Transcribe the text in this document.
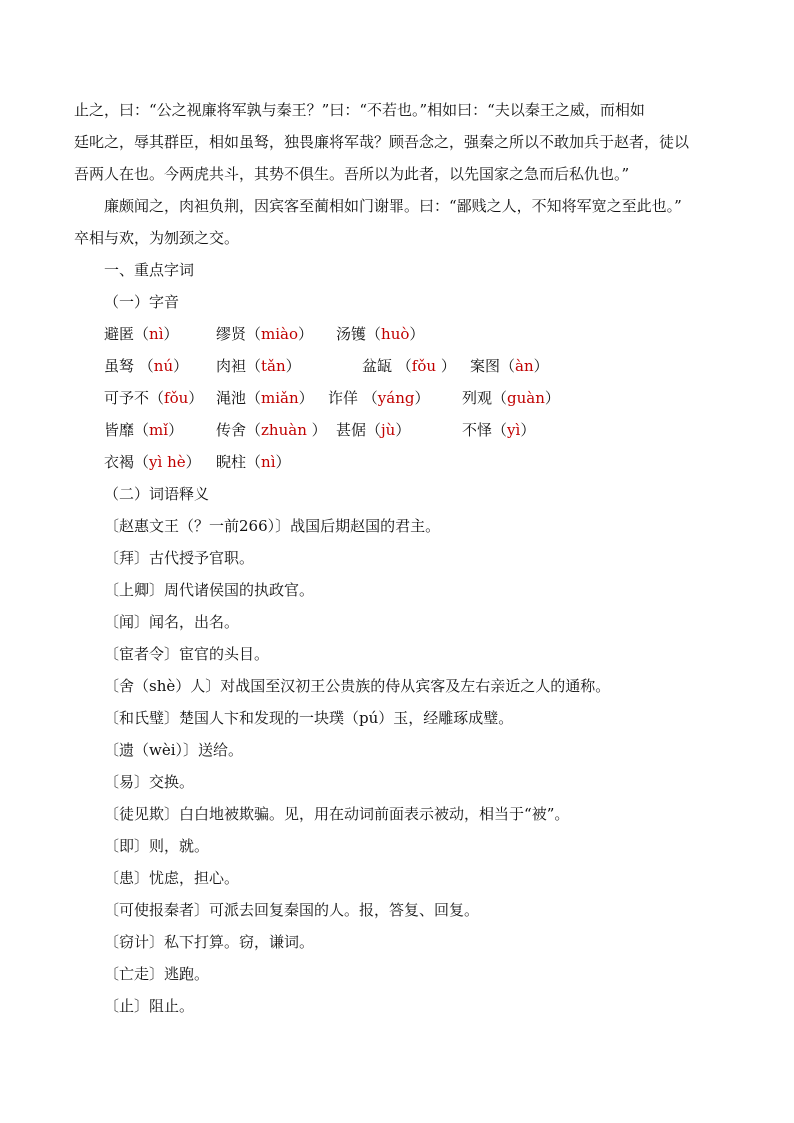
止之，曰：“公之视廉将军孰与秦王？”曰：“不若也。”相如曰：“夫以秦王之威，而相如
廷叱之，辱其群臣，相如虽驽，独畏廉将军哉？顾吾念之，强秦之所以不敢加兵于赵者，徒以
吾两人在也。今两虎共斗，其势不俱生。吾所以为此者，以先国家之急而后私仇也。”
廉颇闻之，肉袒负荆，因宾客至蔺相如门谢罪。曰：“鄙贱之人，不知将军宽之至此也。”
卒相与欢，为刎颈之交。
一、重点字词
（一）字音
避匿（nì） 缪贤（miào） 汤镬（huò）
虽驽 （nú） 肉袒（tǎn）	盆缻 （fǒu ） 案图（àn）
可予不（fǒu） 渑池（miǎn） 诈佯 （yáng） 列观（guàn）
皆靡（mǐ） 传舍（zhuàn ） 甚倨（jù）	不怿（yì）
衣褐（yì hè） 睨柱（nì）
（二）词语释义
〔赵惠文王（？一前266）〕战国后期赵国的君主。
〔拜〕古代授予官职。
〔上卿〕周代诸侯国的执政官。
〔闻〕闻名，出名。
〔宦者令〕宦官的头目。
〔舍（shè）人〕对战国至汉初王公贵族的侍从宾客及左右亲近之人的通称。
〔和氏璧〕楚国人卞和发现的一块璞（pú）玉，经雕琢成璧。
〔遗（wèi）〕送给。
〔易〕交换。
〔徒见欺〕白白地被欺骗。见，用在动词前面表示被动，相当于“被”。
〔即〕则，就。
〔患〕忧虑，担心。
〔可使报秦者〕可派去回复秦国的人。报，答复、回复。
〔窃计〕私下打算。窃，谦词。
〔亡走〕逃跑。
〔止〕阻止。
